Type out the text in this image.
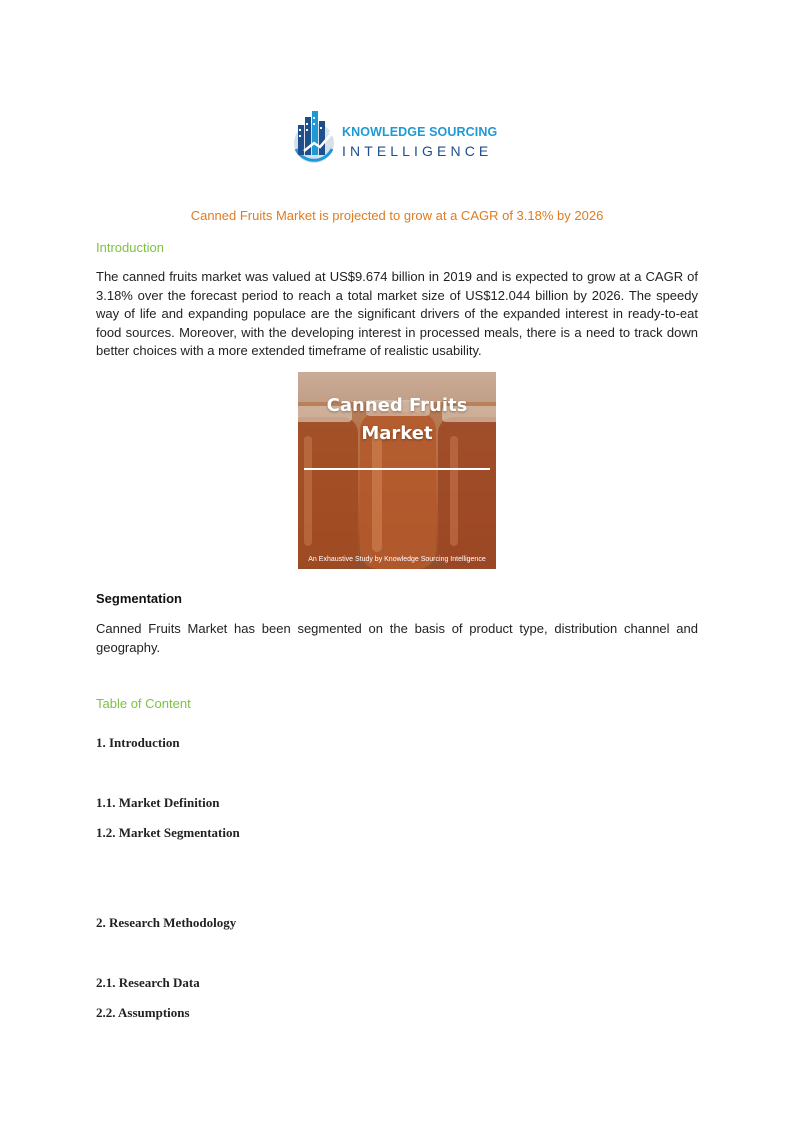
KNOWLEDGE SOURCING
INTELLIGENCE
Canned Fruits Market is projected to grow at a CAGR of 3.18% by 2026
Introduction
The canned fruits market was valued at US$9.674 billion in 2019 and is expected to grow at a CAGR of 3.18% over the forecast period to reach a total market size of US$12.044 billion by 2026. The speedy way of life and expanding populace are the significant drivers of the expanded interest in ready-to-eat food sources. Moreover, with the developing interest in processed meals, there is a need to track down better choices with a more extended timeframe of realistic usability.
Canned Fruits
Market
An Exhaustive Study by Knowledge Sourcing Intelligence
Segmentation
Canned Fruits Market has been segmented on the basis of product type, distribution channel and geography.
Table of Content
1. Introduction
1.1. Market Definition
1.2. Market Segmentation
2. Research Methodology
2.1. Research Data
2.2. Assumptions
